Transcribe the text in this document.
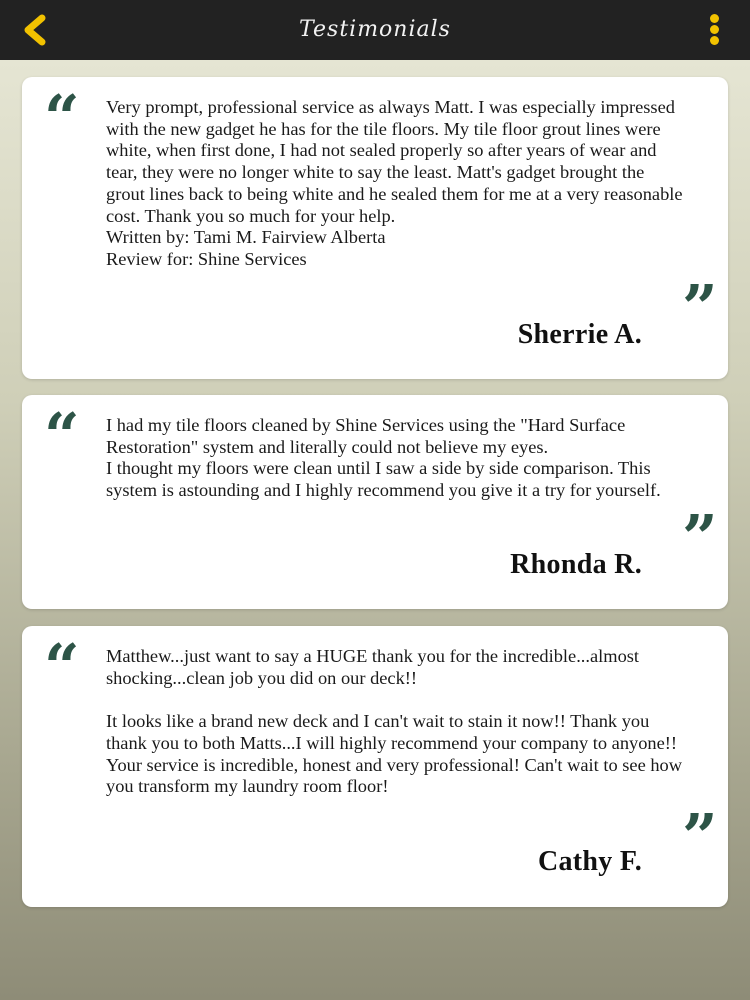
Testimonials
“ Very prompt, professional service as always Matt. I was especially impressed with the new gadget he has for the tile floors. My tile floor grout lines were white, when first done, I had not sealed properly so after years of wear and tear, they were no longer white to say the least. Matt's gadget brought the grout lines back to being white and he sealed them for me at a very reasonable cost. Thank you so much for your help.
Written by: Tami M. Fairview Alberta
Review for: Shine Services

”
Sherrie A.
“ I had my tile floors cleaned by Shine Services using the "Hard Surface Restoration" system and literally could not believe my eyes.
I thought my floors were clean until I saw a side by side comparison. This system is astounding and I highly recommend you give it a try for yourself.

”
Rhonda R.
“ Matthew...just want to say a HUGE thank you for the incredible...almost shocking...clean job you did on our deck!!

It looks like a brand new deck and I can't wait to stain it now!! Thank you thank you to both Matts...I will highly recommend your company to anyone!! Your service is incredible, honest and very professional! Can't wait to see how you transform my laundry room floor!

”
Cathy F.
